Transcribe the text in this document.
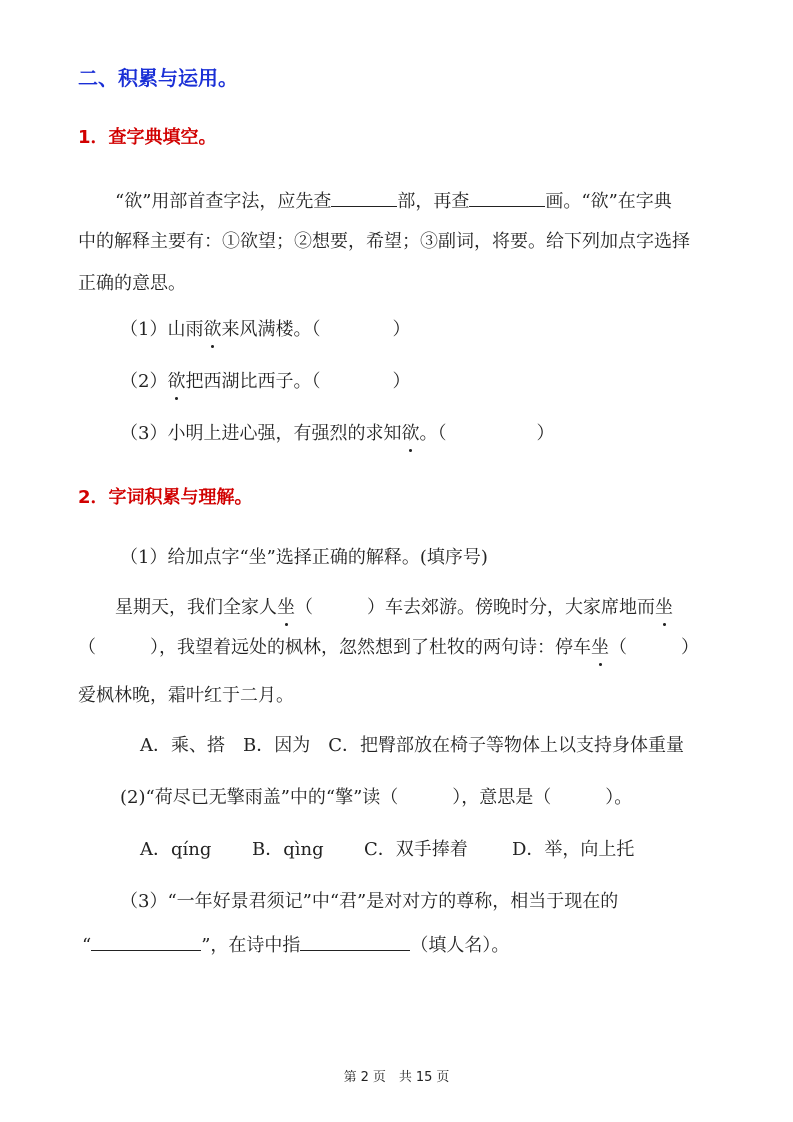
二、积累与运用。
1．查字典填空。
“欲”用部首查字法，应先查	部，再查	画。“欲”在字典
中的解释主要有：①欲望；②想要，希望；③副词，将要。给下列加点字选择
正确的意思。
（1）山雨欲来风满楼。（　　　　）
（2）欲把西湖比西子。（　　　　）
（3）小明上进心强，有强烈的求知欲。（　　　　　）
2．字词积累与理解。
（1）给加点字“坐”选择正确的解释。(填序号)
星期天，我们全家人坐（　　　）车去郊游。傍晚时分，大家席地而坐
（　　　），我望着远处的枫林，忽然想到了杜牧的两句诗：停车坐（　　　）
爱枫林晚，霜叶红于二月。
A．乘、搭　B．因为　C．把臀部放在椅子等物体上以支持身体重量
(2)“荷尽已无擎雨盖”中的“擎”读（　　　），意思是（　　　）。
A．qíng B．qìng C．双手捧着 D．举，向上托
（3）“一年好景君须记”中“君”是对对方的尊称，相当于现在的
“	”，在诗中指	（填人名）。
第 2 页　共 15 页
